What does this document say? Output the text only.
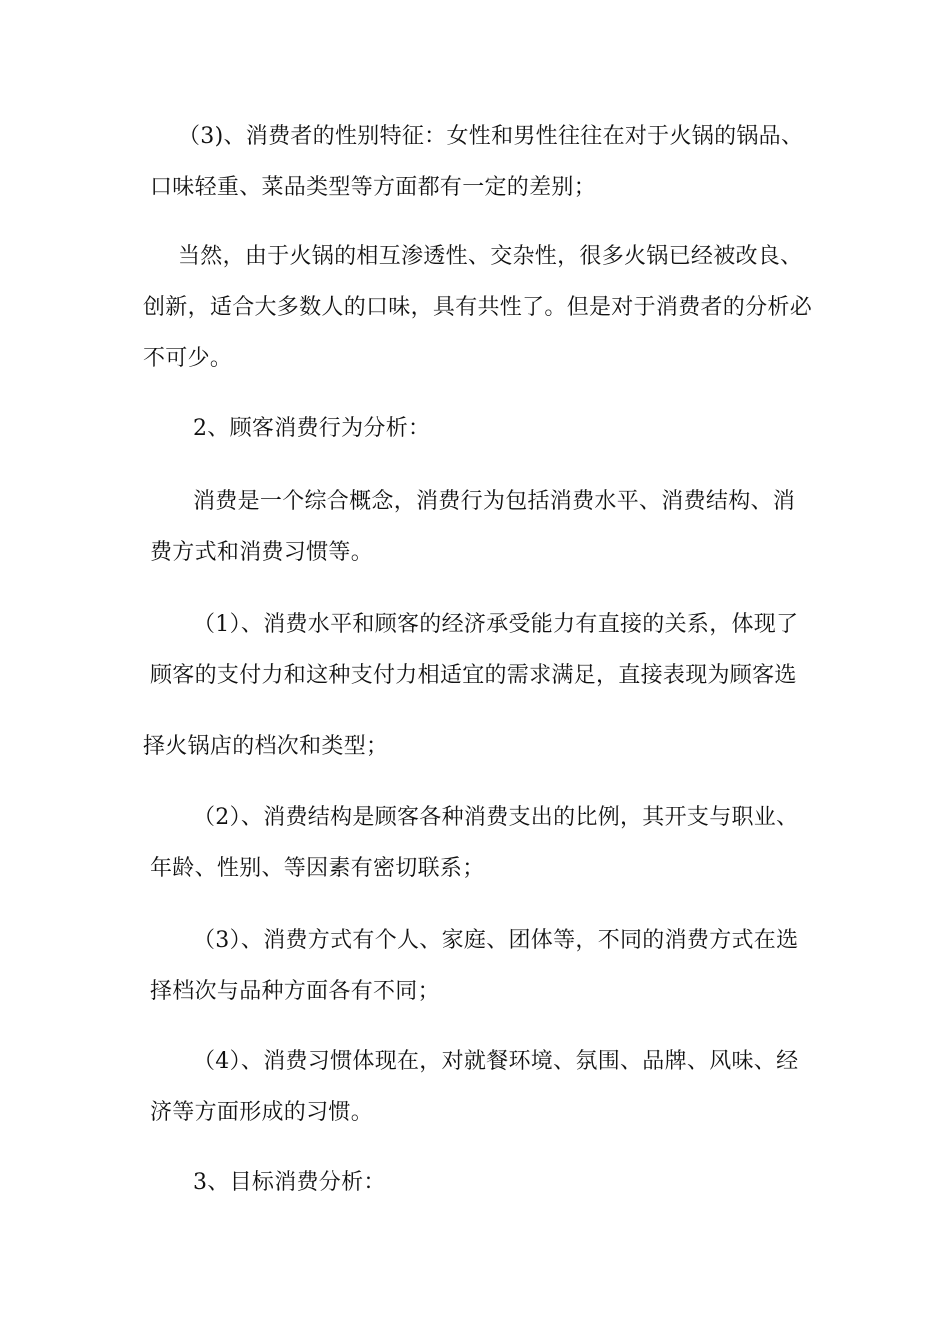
（3)、消费者的性别特征：女性和男性往往在对于火锅的锅品、
口味轻重、菜品类型等方面都有一定的差别；
当然，由于火锅的相互渗透性、交杂性，很多火锅已经被改良、
创新，适合大多数人的口味，具有共性了。但是对于消费者的分析必
不可少。
2、顾客消费行为分析：
消费是一个综合概念，消费行为包括消费水平、消费结构、消
费方式和消费习惯等。
（1）、消费水平和顾客的经济承受能力有直接的关系，体现了
顾客的支付力和这种支付力相适宜的需求满足，直接表现为顾客选
择火锅店的档次和类型；
（2）、消费结构是顾客各种消费支出的比例，其开支与职业、
年龄、性别、等因素有密切联系；
（3）、消费方式有个人、家庭、团体等，不同的消费方式在选
择档次与品种方面各有不同；
（4）、消费习惯体现在，对就餐环境、氛围、品牌、风味、经
济等方面形成的习惯。
3、目标消费分析：
